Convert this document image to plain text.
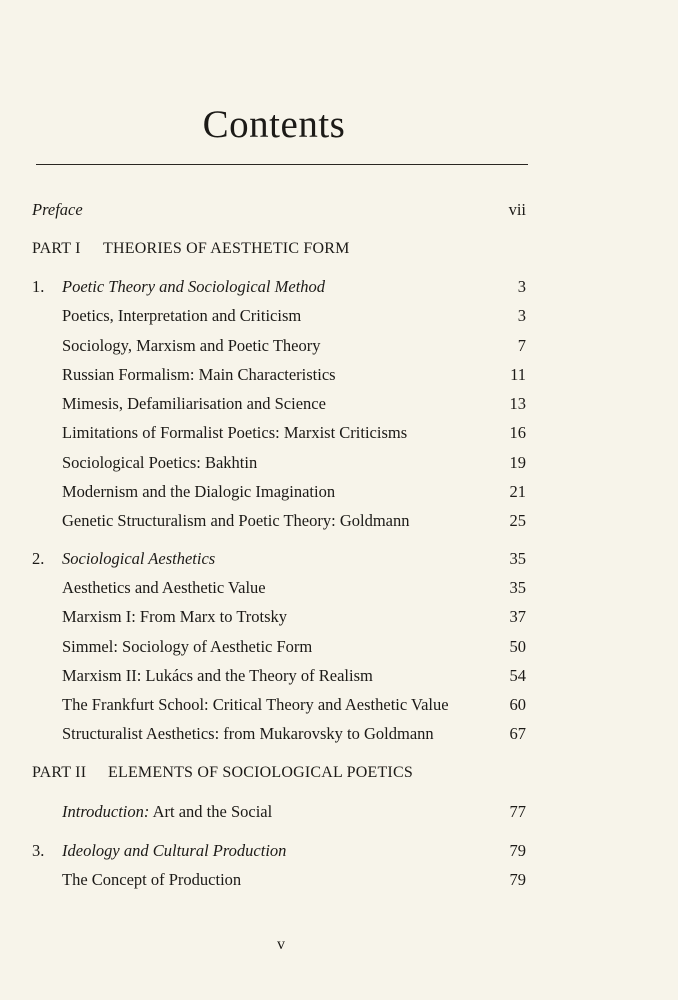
Contents
Preface	vii
PART I THEORIES OF AESTHETIC FORM
1. Poetic Theory and Sociological Method	3
Poetics, Interpretation and Criticism	3
Sociology, Marxism and Poetic Theory	7
Russian Formalism: Main Characteristics	11
Mimesis, Defamiliarisation and Science	13
Limitations of Formalist Poetics: Marxist Criticisms	16
Sociological Poetics: Bakhtin	19
Modernism and the Dialogic Imagination	21
Genetic Structuralism and Poetic Theory: Goldmann	25
2. Sociological Aesthetics	35
Aesthetics and Aesthetic Value	35
Marxism I: From Marx to Trotsky	37
Simmel: Sociology of Aesthetic Form	50
Marxism II: Lukács and the Theory of Realism	54
The Frankfurt School: Critical Theory and Aesthetic Value	60
Structuralist Aesthetics: from Mukarovsky to Goldmann	67
PART II ELEMENTS OF SOCIOLOGICAL POETICS
Introduction: Art and the Social	77
3. Ideology and Cultural Production	79
The Concept of Production	79
v
